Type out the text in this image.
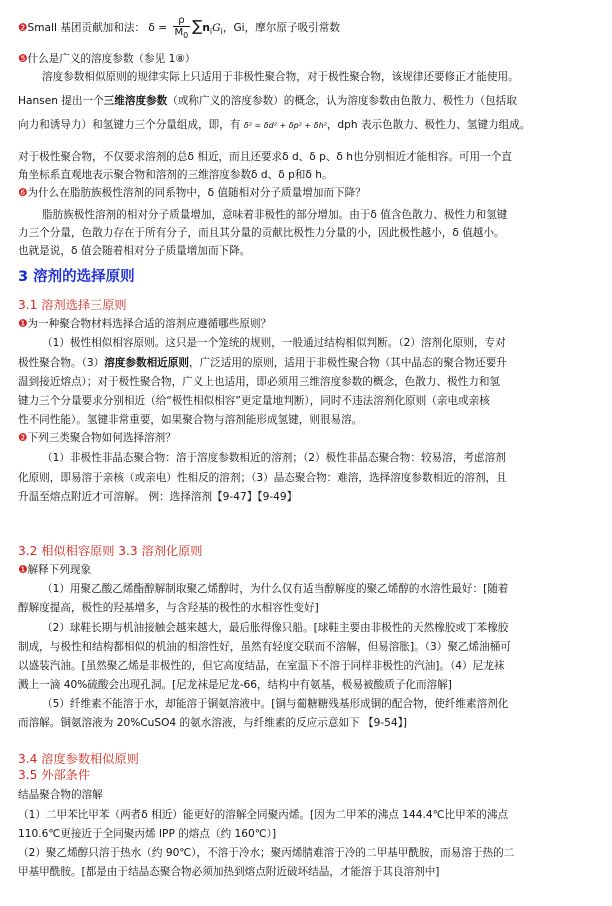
❷Small 基团贡献加和法： $\delta = \frac{\rho}{M_0} \sum n_iG_i$，Gi，摩尔原子吸引常数
❺什么是广义的溶度参数（参见 1⑧）
溶度参数相似原则的规律实际上只适用于非极性聚合物，对于极性聚合物，该规律还要修正才能使用。
Hansen 提出一个三维溶度参数（或称广义的溶度参数）的概念，认为溶度参数由色散力、极性力（包括取
向力和诱导力）和氢键力三个分量组成，即，有 δ² = δd² + δp² + δh²，dph 表示色散力、极性力、氢键力组成。
对于极性聚合物，不仅要求溶剂的总δ 相近，而且还要求δ d、δ p、δ h也分别相近才能相容。可用一个直
角坐标系直观地表示聚合物和溶剂的三维溶度参数δ d、δ p和δ h。
❻为什么在脂肪族极性溶剂的同系物中，δ 值随相对分子质量增加而下降？
脂肪族极性溶剂的相对分子质量增加，意味着非极性的部分增加。由于δ 值含色散力、极性力和氢键
力三个分量，色散力存在于所有分子，而且其分量的贡献比极性力分量的小，因此极性越小，δ 值越小。
也就是说，δ 值会随着相对分子质量增加而下降。
3 溶剂的选择原则
3.1 溶剂选择三原则
❶为一种聚合物材料选择合适的溶剂应遵循哪些原则？
（1）极性相似相容原则。这只是一个笼统的规则，一般通过结构相似判断。（2）溶剂化原则，专对
极性聚合物。（3）溶度参数相近原则，广泛适用的原则，适用于非极性聚合物（其中晶态的聚合物还要升
温到接近熔点）；对于极性聚合物，广义上也适用，即必须用三维溶度参数的概念，色散力、极性力和氢
键力三个分量要求分别相近（给“极性相似相容”更定量地判断），同时不违法溶剂化原则（亲电或亲核
性不同性能）。氢键非常重要，如果聚合物与溶剂能形成氢键，则很易溶。
❷下列三类聚合物如何选择溶剂？
（1）非极性非晶态聚合物：溶于溶度参数相近的溶剂；（2）极性非晶态聚合物：较易溶，考虑溶剂
化原则，即易溶于亲核（或亲电）性相反的溶剂；（3）晶态聚合物：难溶，选择溶度参数相近的溶剂，且
升温至熔点附近才可溶解。 例：选择溶剂【9-47】【9-49】
3.2 相似相容原则 3.3 溶剂化原则
❶解释下列现象
（1）用聚乙酸乙烯酯醇解制取聚乙烯醇时，为什么仅有适当醇解度的聚乙烯醇的水溶性最好：[随着
醇解度提高，极性的羟基增多，与含羟基的极性的水相容性变好]
（2）球鞋长期与机油接触会越来越大，最后胀得像只船。[球鞋主要由非极性的天然橡胶或丁苯橡胶
制成，与极性和结构都相似的机油的相溶性好，虽然有轻度交联而不溶解，但易溶胀]。（3）聚乙烯油桶可
以盛装汽油。[虽然聚乙烯是非极性的，但它高度结晶，在室温下不溶于同样非极性的汽油]。（4）尼龙袜
溅上一滴 40%硫酸会出现孔洞。[尼龙袜是尼龙-66，结构中有氨基，极易被酸质子化而溶解]
（5）纤维素不能溶于水，却能溶于铜氨溶液中。[铜与葡糖糖残基形成铜的配合物，使纤维素溶剂化
而溶解。铜氨溶液为 20%CuSO4 的氨水溶液，与纤维素的反应示意如下 【9-54】]
3.4 溶度参数相似原则
3.5 外部条件
结晶聚合物的溶解
（1）二甲苯比甲苯（两者δ 相近）能更好的溶解全同聚丙烯。[因为二甲苯的沸点 144.4℃比甲苯的沸点
110.6℃更接近于全同聚丙烯 IPP 的熔点（约 160℃）]
（2）聚乙烯醇只溶于热水（约 90℃），不溶于冷水；聚丙烯腈难溶于冷的二甲基甲酰胺，而易溶于热的二
甲基甲酰胺。[都是由于结晶态聚合物必须加热到熔点附近破坏结晶，才能溶于其良溶剂中]
